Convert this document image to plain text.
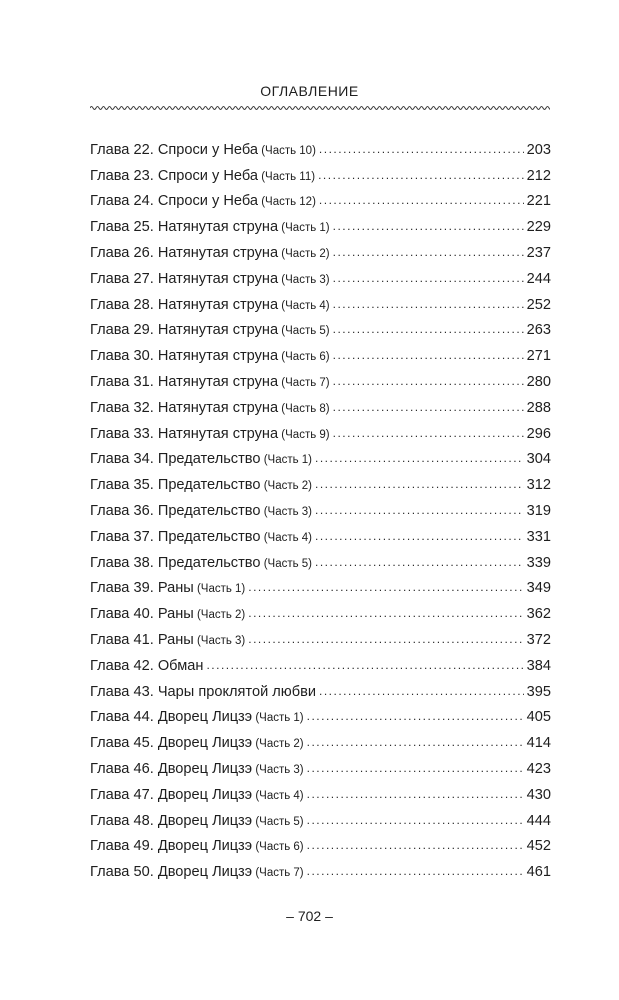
ОГЛАВЛЕНИЕ
Глава 22. Спроси у Неба (Часть 10) .....	203
Глава 23. Спроси у Неба (Часть 11) .....	212
Глава 24. Спроси у Неба (Часть 12) .....	221
Глава 25. Натянутая струна (Часть 1) .....	229
Глава 26. Натянутая струна (Часть 2) .....	237
Глава 27. Натянутая струна (Часть 3) .....	244
Глава 28. Натянутая струна (Часть 4) .....	252
Глава 29. Натянутая струна (Часть 5) .....	263
Глава 30. Натянутая струна (Часть 6) .....	271
Глава 31. Натянутая струна (Часть 7) .....	280
Глава 32. Натянутая струна (Часть 8) .....	288
Глава 33. Натянутая струна (Часть 9) .....	296
Глава 34. Предательство (Часть 1) .....	304
Глава 35. Предательство (Часть 2) .....	312
Глава 36. Предательство (Часть 3) .....	319
Глава 37. Предательство (Часть 4) .....	331
Глава 38. Предательство (Часть 5) .....	339
Глава 39. Раны (Часть 1) .....	349
Глава 40. Раны (Часть 2) .....	362
Глава 41. Раны (Часть 3) .....	372
Глава 42. Обман .....	384
Глава 43. Чары проклятой любви .....	395
Глава 44. Дворец Лицзэ (Часть 1) .....	405
Глава 45. Дворец Лицзэ (Часть 2) .....	414
Глава 46. Дворец Лицзэ (Часть 3) .....	423
Глава 47. Дворец Лицзэ (Часть 4) .....	430
Глава 48. Дворец Лицзэ (Часть 5) .....	444
Глава 49. Дворец Лицзэ (Часть 6) .....	452
Глава 50. Дворец Лицзэ (Часть 7) .....	461
– 702 –
